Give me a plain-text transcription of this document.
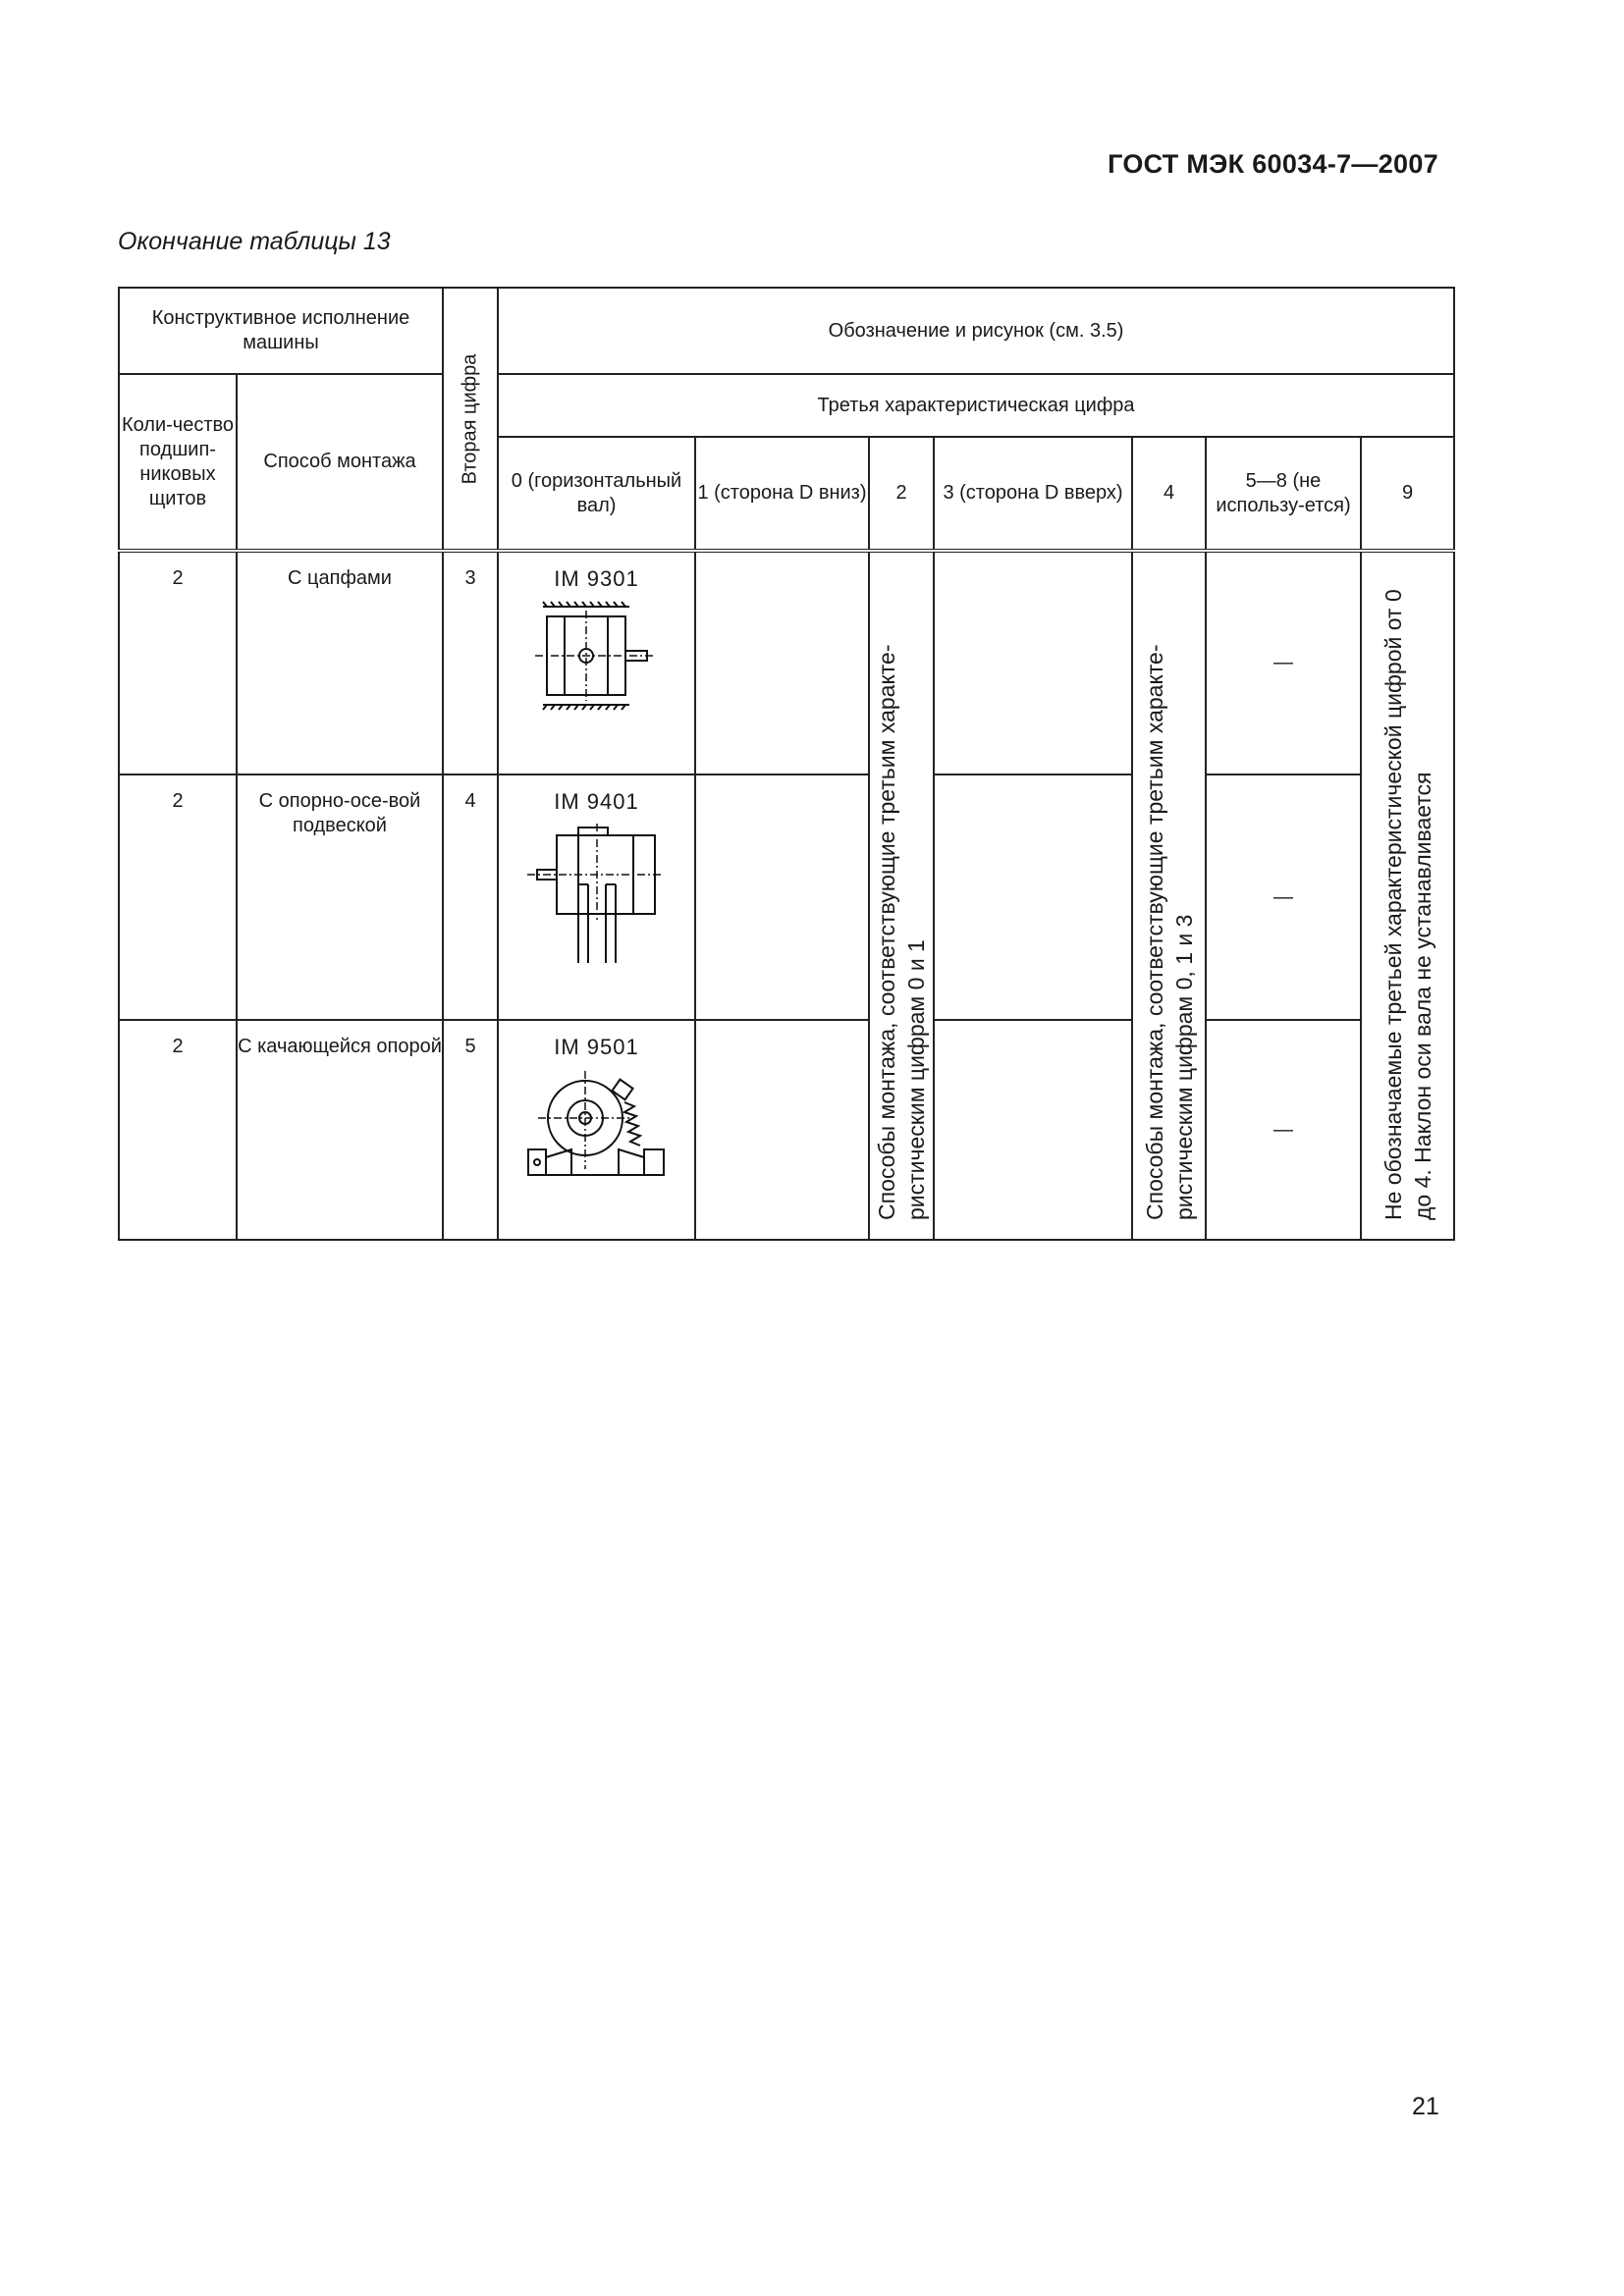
ГОСТ МЭК 60034-7—2007
Окончание таблицы 13
Конструктивное исполнение машины		Вторая цифра	Обозначение и рисунок (см. 3.5)						
Коли-чество подшип-никовых щитов	Способ монтажа		Третья характеристическая цифра						
			0 (горизонтальный вал)	1 (сторона D вниз)	2	3 (сторона D вверх)	4	5—8 (не использу-ется)	9
2	С цапфами	3	IM 9301		Способы монтажа, соответствующие третьим характе-ристическим цифрам 0 и 1		Способы монтажа, соответствующие третьим характе-ристическим цифрам 0, 1 и 3	—	Не обозначаемые третьей характеристической цифрой от 0 до 4. Наклон оси вала не устанавливается

2	С опорно-осе-вой подвеской	4	IM 9401					—	
2	С качающейся опорой	5	IM 9501					—	
21
